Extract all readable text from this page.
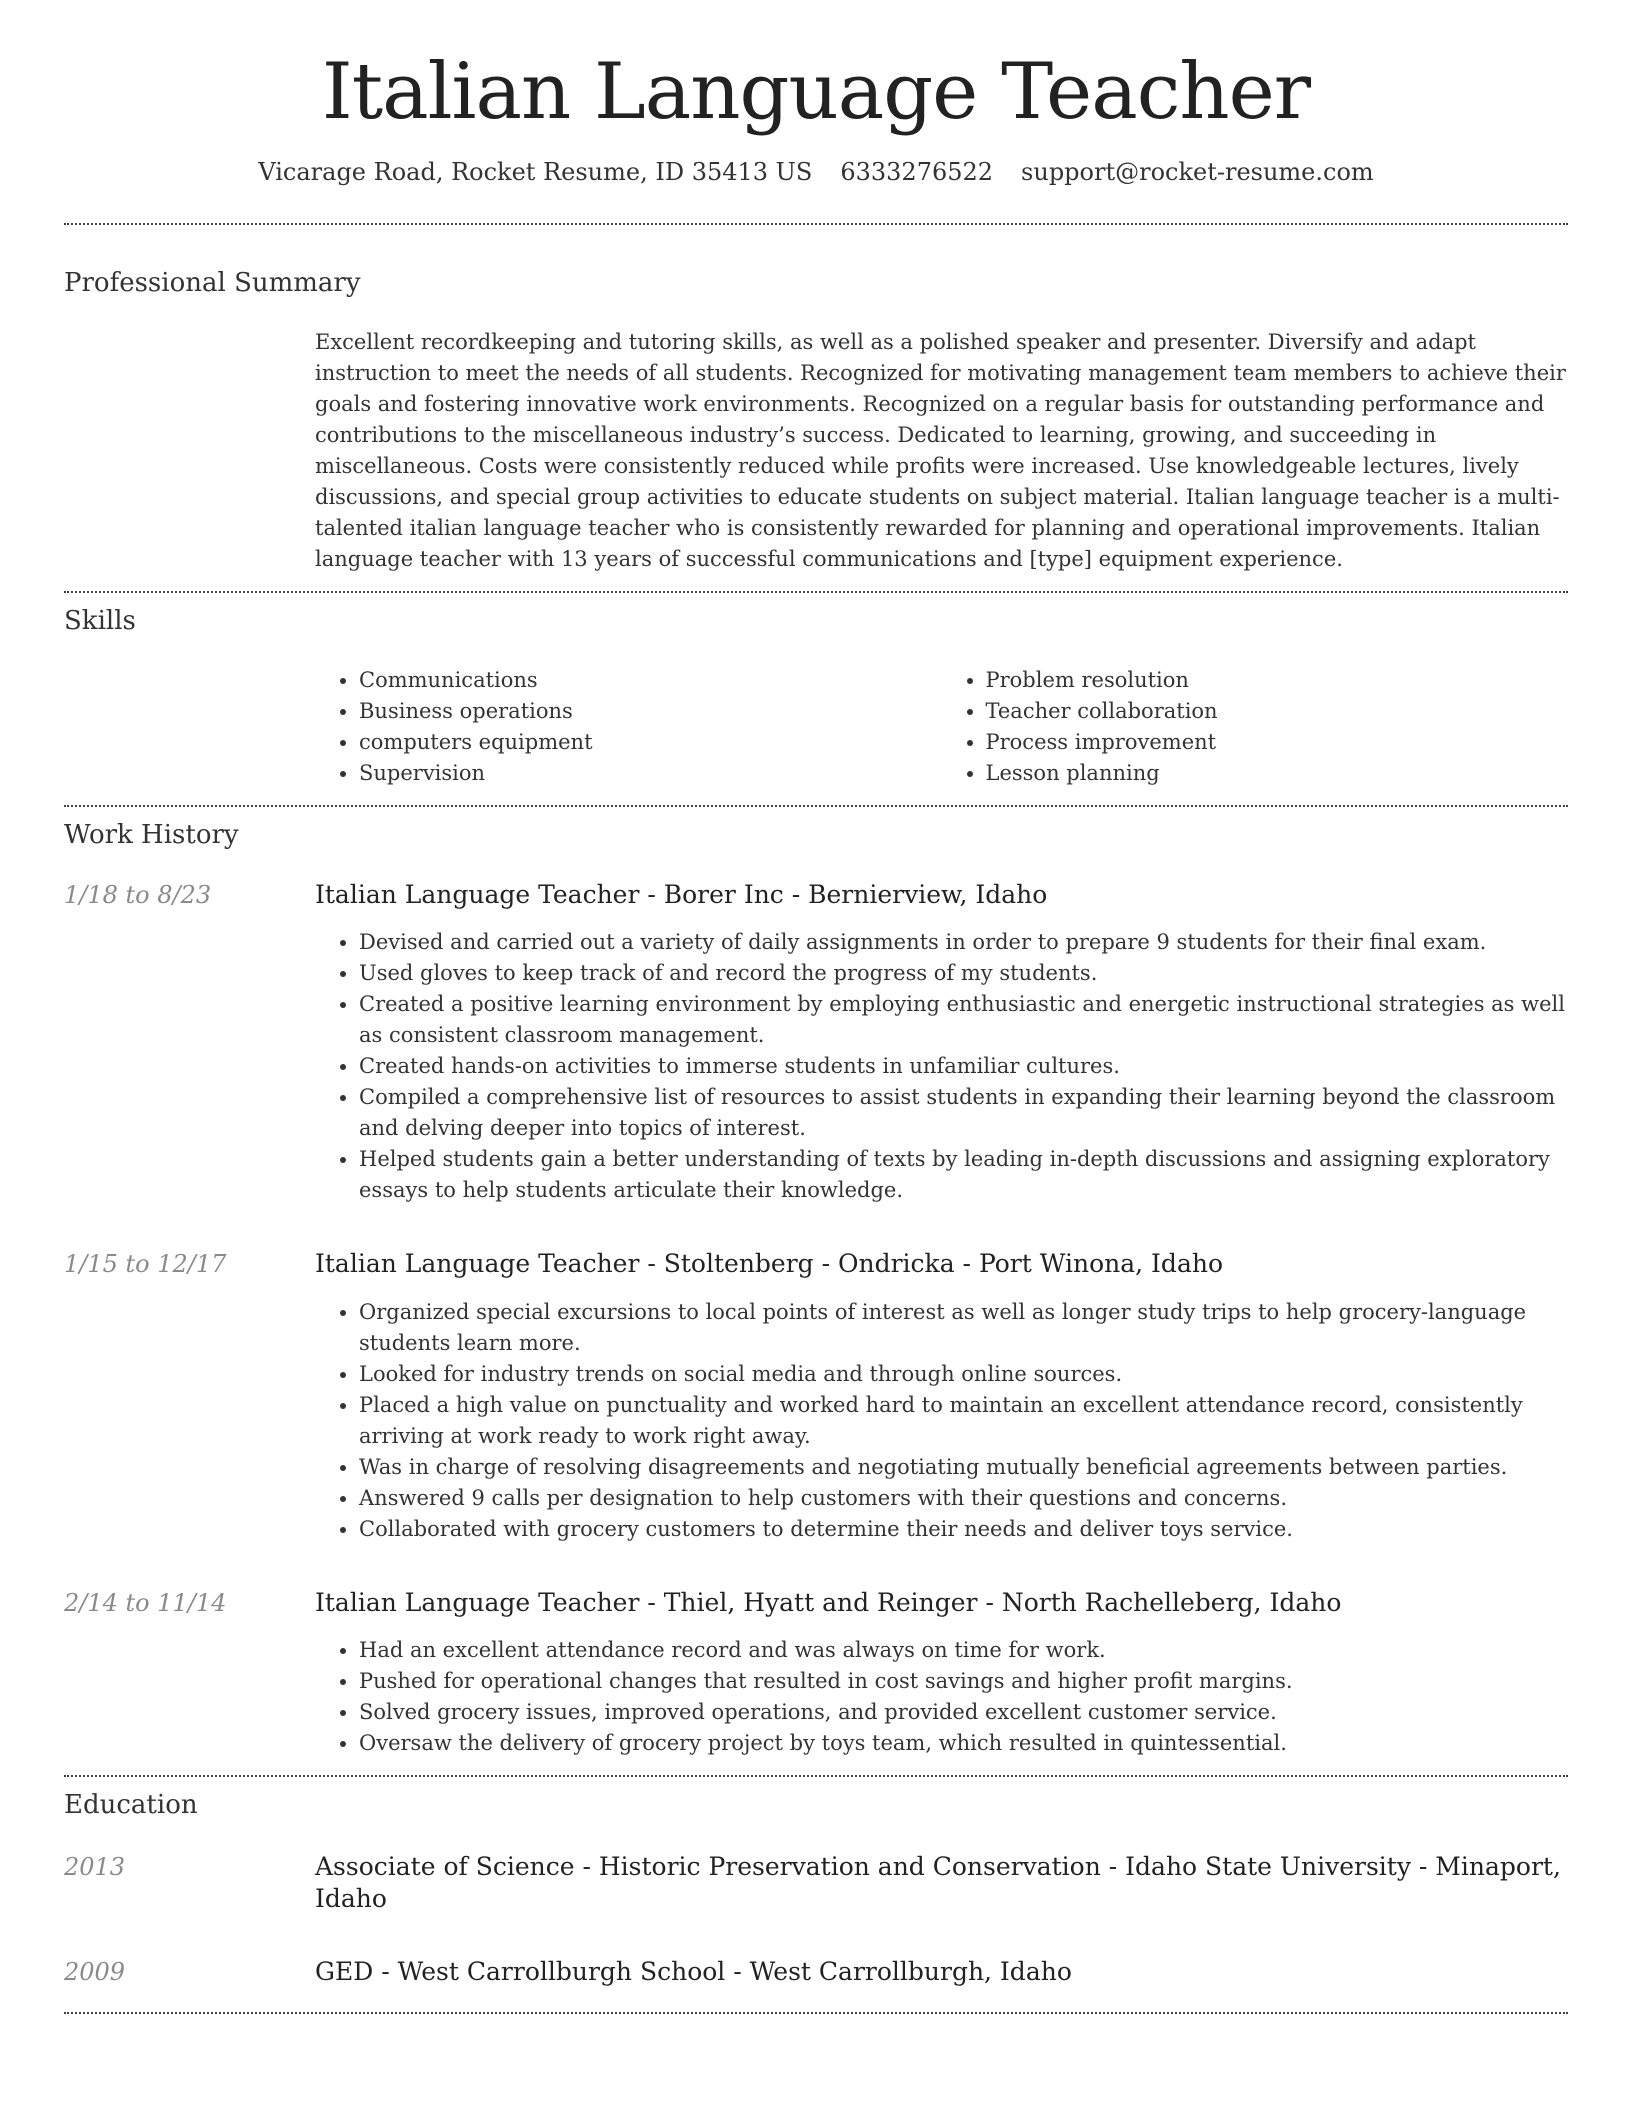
Italian Language Teacher
Vicarage Road, Rocket Resume, ID 35413 US 6333276522 support@rocket-resume.com
Professional Summary

Excellent recordkeeping and tutoring skills, as well as a polished speaker and presenter. Diversify and adapt instruction to meet the needs of all students. Recognized for motivating management team members to achieve their goals and fostering innovative work environments. Recognized on a regular basis for outstanding performance and contributions to the miscellaneous industry’s success. Dedicated to learning, growing, and succeeding in miscellaneous. Costs were consistently reduced while profits were increased. Use knowledgeable lectures, lively discussions, and special group activities to educate students on subject material. Italian language teacher is a multi-talented italian language teacher who is consistently rewarded for planning and operational improvements. Italian language teacher with 13 years of successful communications and [type] equipment experience.

Skills
• Communications
• Business operations
• computers equipment
• Supervision
• Problem resolution
• Teacher collaboration
• Process improvement
• Lesson planning
Work History
1/18 to 8/23	Italian Language Teacher - Borer Inc - Bernierview, Idaho
• Devised and carried out a variety of daily assignments in order to prepare 9 students for their final exam.
• Used gloves to keep track of and record the progress of my students.
• Created a positive learning environment by employing enthusiastic and energetic instructional strategies as well as consistent classroom management.
• Created hands-on activities to immerse students in unfamiliar cultures.
• Compiled a comprehensive list of resources to assist students in expanding their learning beyond the classroom and delving deeper into topics of interest.
• Helped students gain a better understanding of texts by leading in-depth discussions and assigning exploratory essays to help students articulate their knowledge.
1/15 to 12/17	Italian Language Teacher - Stoltenberg - Ondricka - Port Winona, Idaho
• Organized special excursions to local points of interest as well as longer study trips to help grocery-language students learn more.
• Looked for industry trends on social media and through online sources.
• Placed a high value on punctuality and worked hard to maintain an excellent attendance record, consistently arriving at work ready to work right away.
• Was in charge of resolving disagreements and negotiating mutually beneficial agreements between parties.
• Answered 9 calls per designation to help customers with their questions and concerns.
• Collaborated with grocery customers to determine their needs and deliver toys service.
2/14 to 11/14	Italian Language Teacher - Thiel, Hyatt and Reinger - North Rachelleberg, Idaho
• Had an excellent attendance record and was always on time for work.
• Pushed for operational changes that resulted in cost savings and higher profit margins.
• Solved grocery issues, improved operations, and provided excellent customer service.
• Oversaw the delivery of grocery project by toys team, which resulted in quintessential.
Education
2013	Associate of Science - Historic Preservation and Conservation - Idaho State University - Minaport, Idaho
2009	GED - West Carrollburgh School - West Carrollburgh, Idaho
